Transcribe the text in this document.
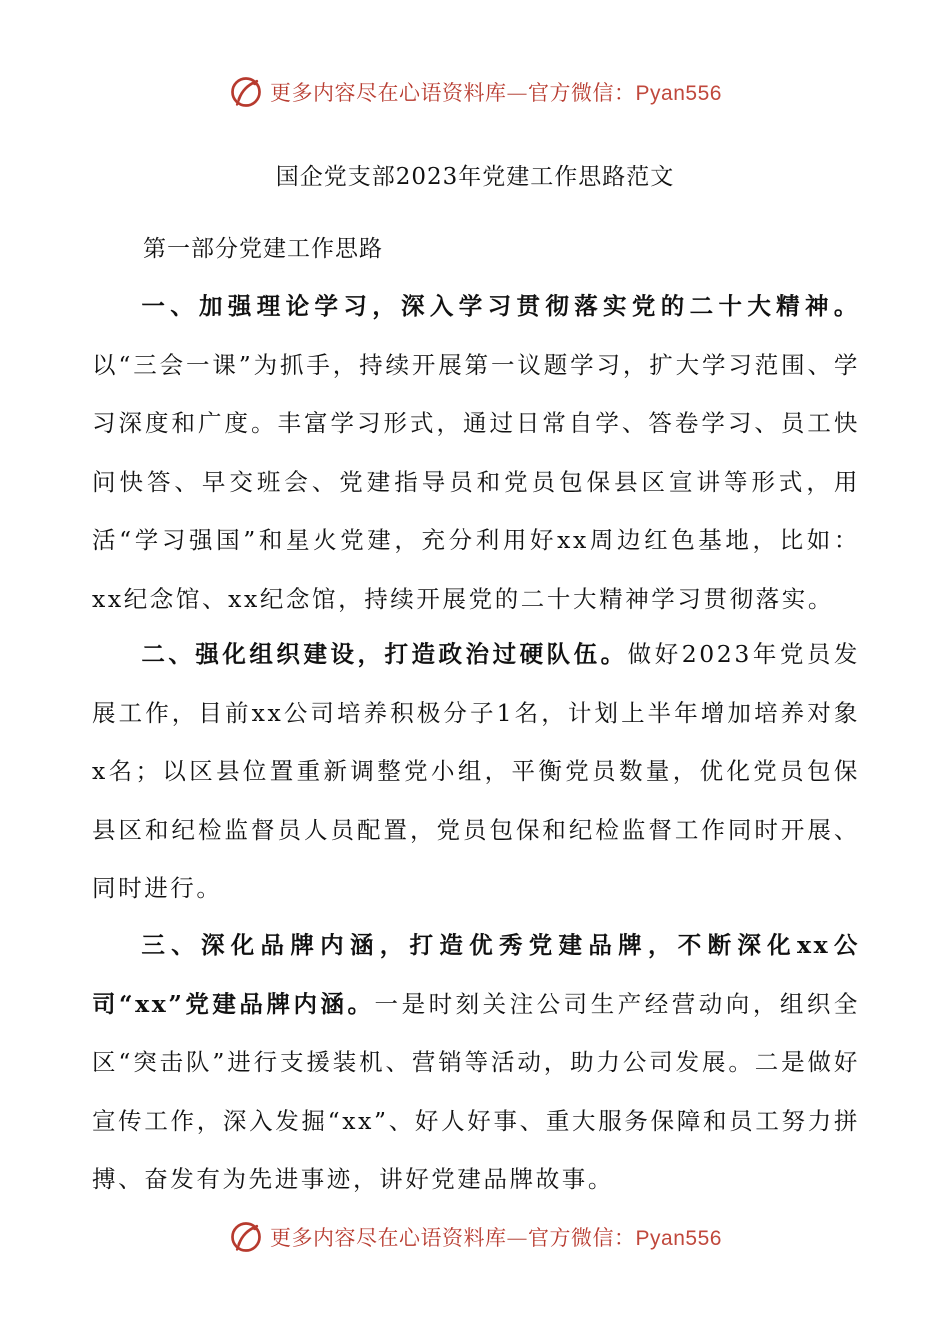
更多内容尽在心语资料库—官方微信：Pyan556
国企党支部2023年党建工作思路范文
第一部分党建工作思路

一、加强理论学习，深入学习贯彻落实党的二十大精神。以“三会一课”为抓手，持续开展第一议题学习，扩大学习范围、学习深度和广度。丰富学习形式，通过日常自学、答卷学习、员工快问快答、早交班会、党建指导员和党员包保县区宣讲等形式，用活“学习强国”和星火党建，充分利用好xx周边红色基地，比如：xx纪念馆、xx纪念馆，持续开展党的二十大精神学习贯彻落实。

二、强化组织建设，打造政治过硬队伍。做好2023年党员发展工作，目前xx公司培养积极分子1名，计划上半年增加培养对象x名；以区县位置重新调整党小组，平衡党员数量，优化党员包保县区和纪检监督员人员配置，党员包保和纪检监督工作同时开展、同时进行。

三、深化品牌内涵，打造优秀党建品牌，不断深化xx公司“xx”党建品牌内涵。一是时刻关注公司生产经营动向，组织全区“突击队”进行支援装机、营销等活动，助力公司发展。二是做好宣传工作，深入发掘“xx”、好人好事、重大服务保障和员工努力拼搏、奋发有为先进事迹，讲好党建品牌故事。

更多内容尽在心语资料库—官方微信：Pyan556
